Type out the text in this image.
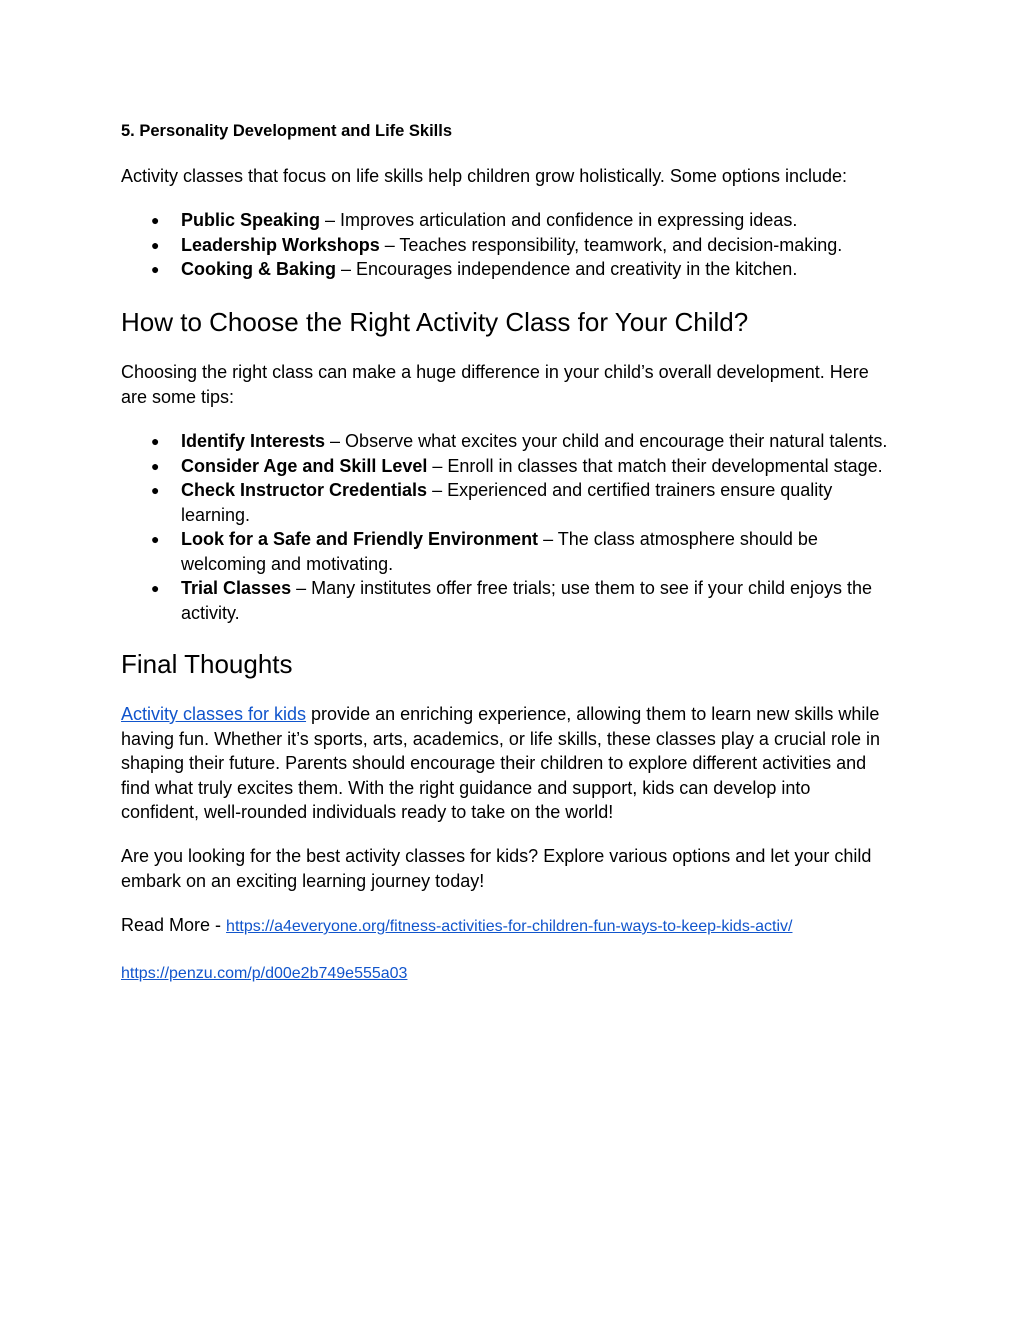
5. Personality Development and Life Skills

Activity classes that focus on life skills help children grow holistically. Some options include:

● Public Speaking – Improves articulation and confidence in expressing ideas.
● Leadership Workshops – Teaches responsibility, teamwork, and decision-making.
● Cooking & Baking – Encourages independence and creativity in the kitchen.
How to Choose the Right Activity Class for Your Child?

Choosing the right class can make a huge difference in your child’s overall development. Here

are some tips:

● Identify Interests – Observe what excites your child and encourage their natural talents.
● Consider Age and Skill Level – Enroll in classes that match their developmental stage.
● Check Instructor Credentials – Experienced and certified trainers ensure quality
learning.
● Look for a Safe and Friendly Environment – The class atmosphere should be
welcoming and motivating.
● Trial Classes – Many institutes offer free trials; use them to see if your child enjoys the
activity.
Final Thoughts

Activity classes for kids provide an enriching experience, allowing them to learn new skills while

having fun. Whether it’s sports, arts, academics, or life skills, these classes play a crucial role in

shaping their future. Parents should encourage their children to explore different activities and

find what truly excites them. With the right guidance and support, kids can develop into

confident, well-rounded individuals ready to take on the world!

Are you looking for the best activity classes for kids? Explore various options and let your child

embark on an exciting learning journey today!

Read More - https://a4everyone.org/fitness-activities-for-children-fun-ways-to-keep-kids-activ/

https://penzu.com/p/d00e2b749e555a03
